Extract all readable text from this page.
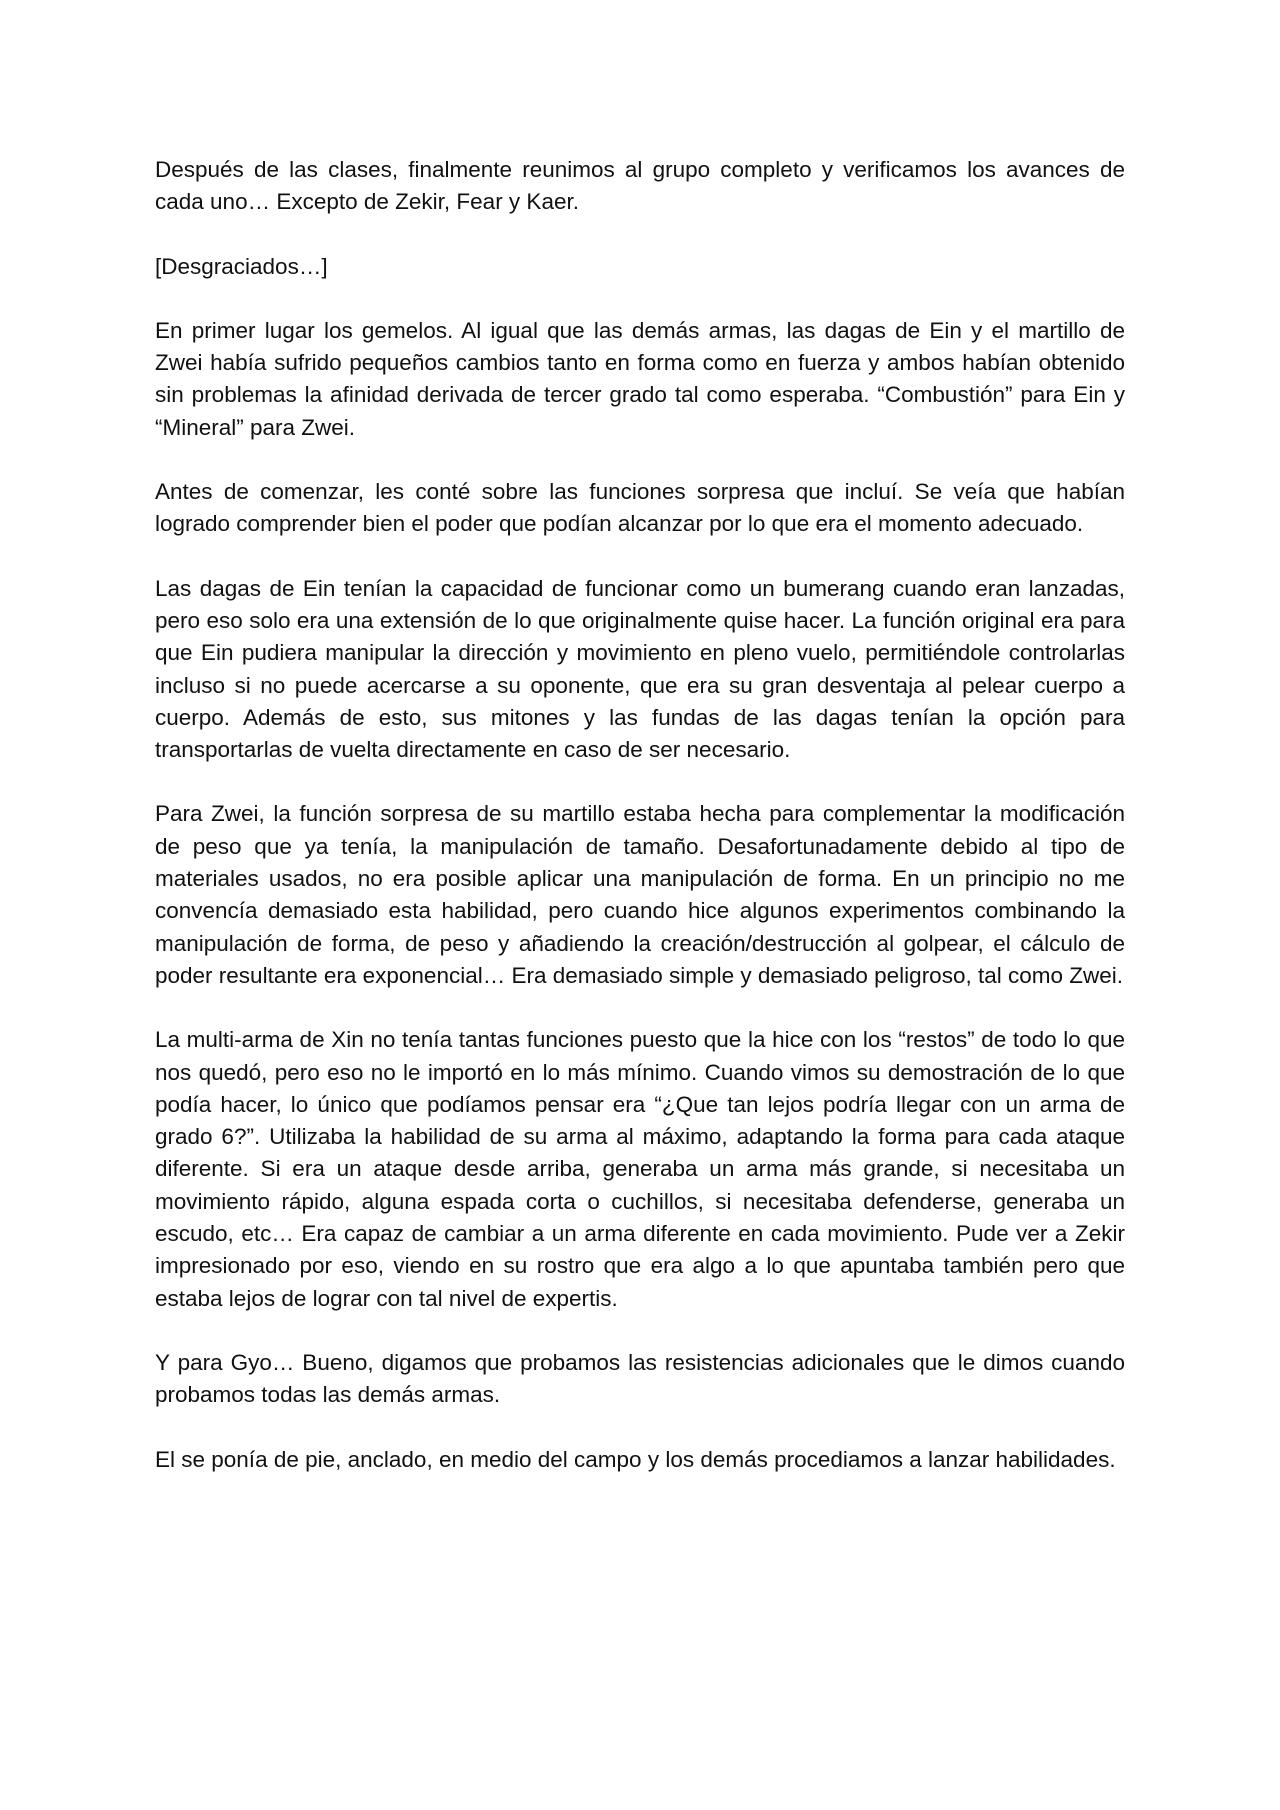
Después de las clases, finalmente reunimos al grupo completo y verificamos los avances de cada uno… Excepto de Zekir, Fear y Kaer.

[Desgraciados…]

En primer lugar los gemelos. Al igual que las demás armas, las dagas de Ein y el martillo de Zwei había sufrido pequeños cambios tanto en forma como en fuerza y ambos habían obtenido sin problemas la afinidad derivada de tercer grado tal como esperaba. “Combustión” para Ein y “Mineral” para Zwei.

Antes de comenzar, les conté sobre las funciones sorpresa que incluí. Se veía que habían logrado comprender bien el poder que podían alcanzar por lo que era el momento adecuado.

Las dagas de Ein tenían la capacidad de funcionar como un bumerang cuando eran lanzadas, pero eso solo era una extensión de lo que originalmente quise hacer. La función original era para que Ein pudiera manipular la dirección y movimiento en pleno vuelo, permitiéndole controlarlas incluso si no puede acercarse a su oponente, que era su gran desventaja al pelear cuerpo a cuerpo. Además de esto, sus mitones y las fundas de las dagas tenían la opción para transportarlas de vuelta directamente en caso de ser necesario.

Para Zwei, la función sorpresa de su martillo estaba hecha para complementar la modificación de peso que ya tenía, la manipulación de tamaño. Desafortunadamente debido al tipo de materiales usados, no era posible aplicar una manipulación de forma. En un principio no me convencía demasiado esta habilidad, pero cuando hice algunos experimentos combinando la manipulación de forma, de peso y añadiendo la creación/destrucción al golpear, el cálculo de poder resultante era exponencial… Era demasiado simple y demasiado peligroso, tal como Zwei.

La multi-arma de Xin no tenía tantas funciones puesto que la hice con los “restos” de todo lo que nos quedó, pero eso no le importó en lo más mínimo. Cuando vimos su demostración de lo que podía hacer, lo único que podíamos pensar era “¿Que tan lejos podría llegar con un arma de grado 6?”. Utilizaba la habilidad de su arma al máximo, adaptando la forma para cada ataque diferente. Si era un ataque desde arriba, generaba un arma más grande, si necesitaba un movimiento rápido, alguna espada corta o cuchillos, si necesitaba defenderse, generaba un escudo, etc… Era capaz de cambiar a un arma diferente en cada movimiento. Pude ver a Zekir impresionado por eso, viendo en su rostro que era algo a lo que apuntaba también pero que estaba lejos de lograr con tal nivel de expertis.

Y para Gyo… Bueno, digamos que probamos las resistencias adicionales que le dimos cuando probamos todas las demás armas.

El se ponía de pie, anclado, en medio del campo y los demás procediamos a lanzar habilidades.
